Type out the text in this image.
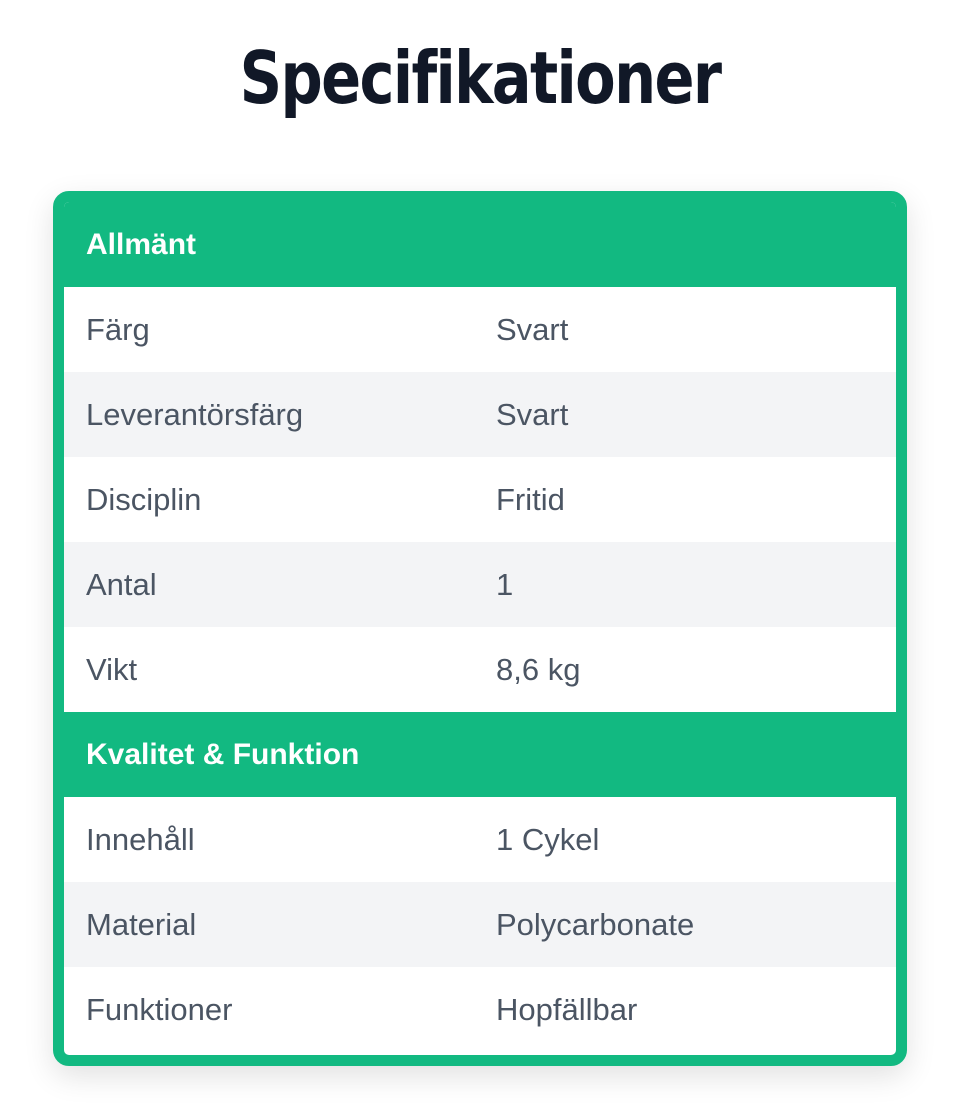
Specifikationer
Allmänt
Färg	Svart
Leverantörsfärg	Svart
Disciplin	Fritid
Antal	1
Vikt	8,6 kg
Kvalitet & Funktion
Innehåll	1 Cykel
Material	Polycarbonate
Funktioner	Hopfällbar
